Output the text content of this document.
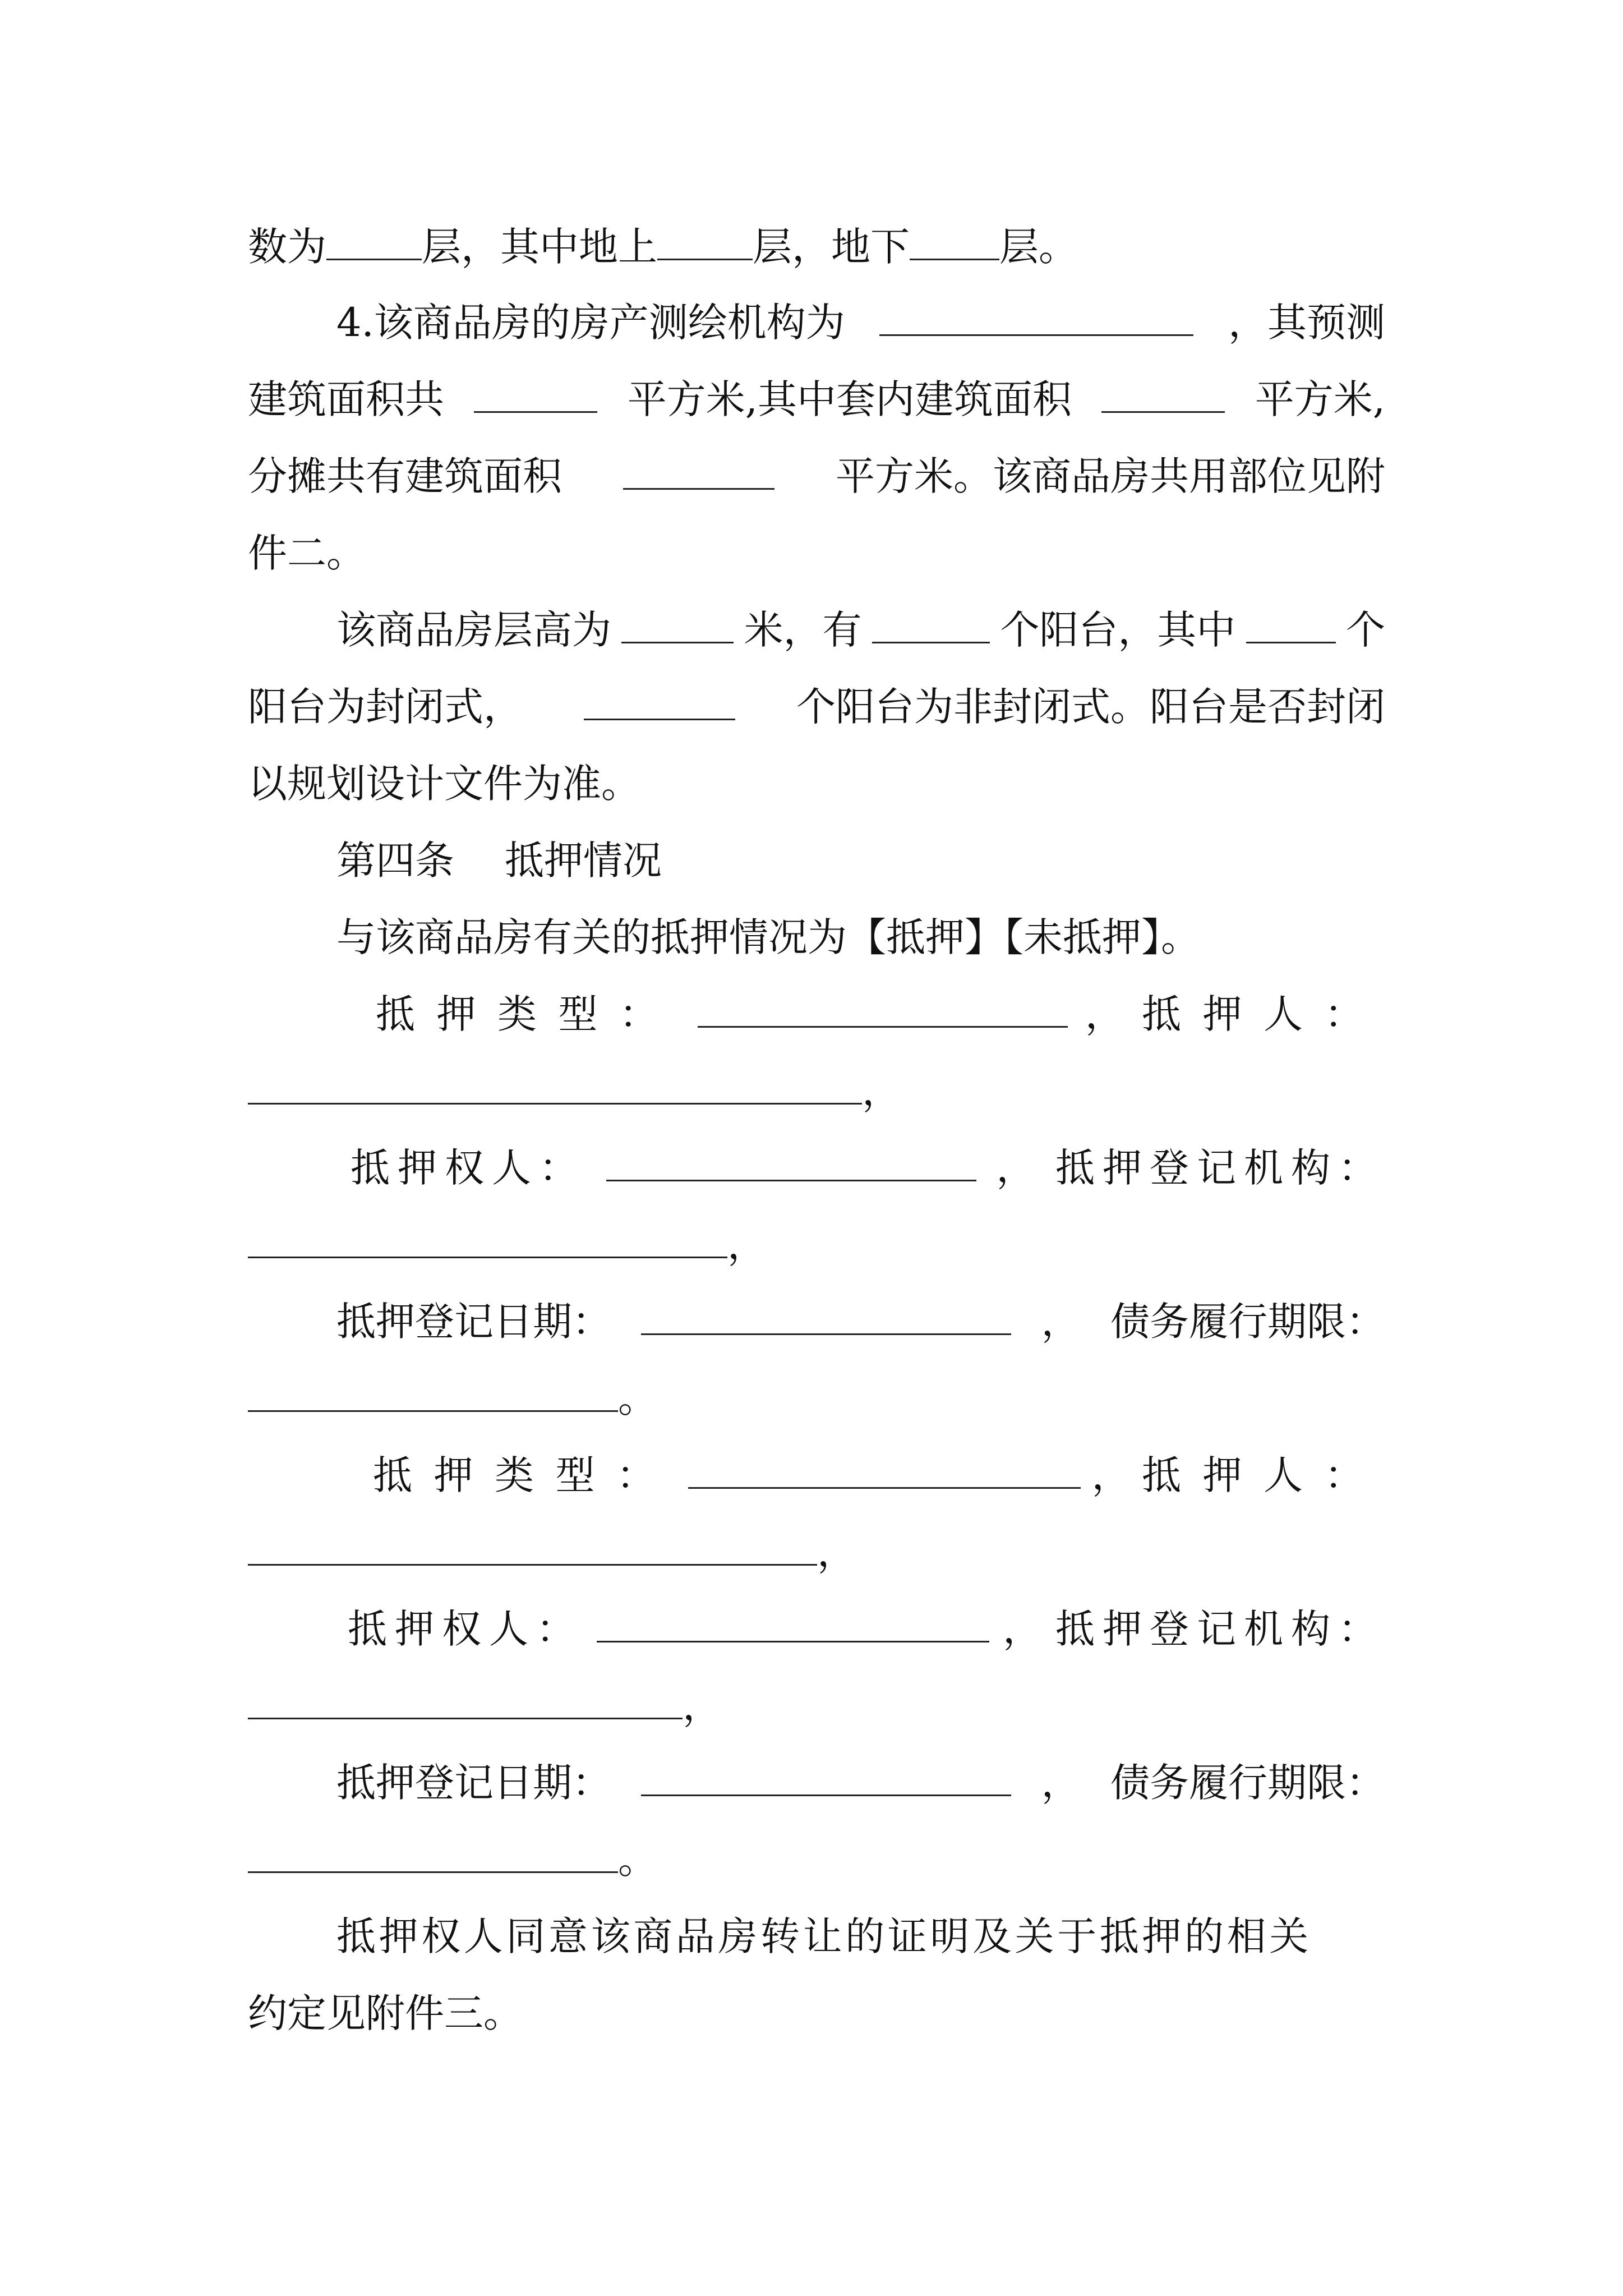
数为 层，其中地上 层，地下 层。
4.该商品房的房产测绘机构为	，其预测
建筑面积共	平方米,其中套内建筑面积	平方米,
分摊共有建筑面积	平方米。该商品房共用部位见附
件二。
该商品房层高为	米，有	个阳台，其中	个
阳台为封闭式，	个阳台为非封闭式。阳台是否封闭
以规划设计文件为准。
第四条 抵押情况
与该商品房有关的抵押情况为【抵押】【未抵押】。
抵押类型：	， 抵押人：
，
抵押权人：	， 抵押登记机构：
，
抵押登记日期：	， 债务履行期限：
。
抵押类型：	， 抵押人：
，
抵押权人：	， 抵押登记机构：
，
抵押登记日期：	， 债务履行期限：
。
抵押权人同意该商品房转让的证明及关于抵押的相关
约定见附件三。
